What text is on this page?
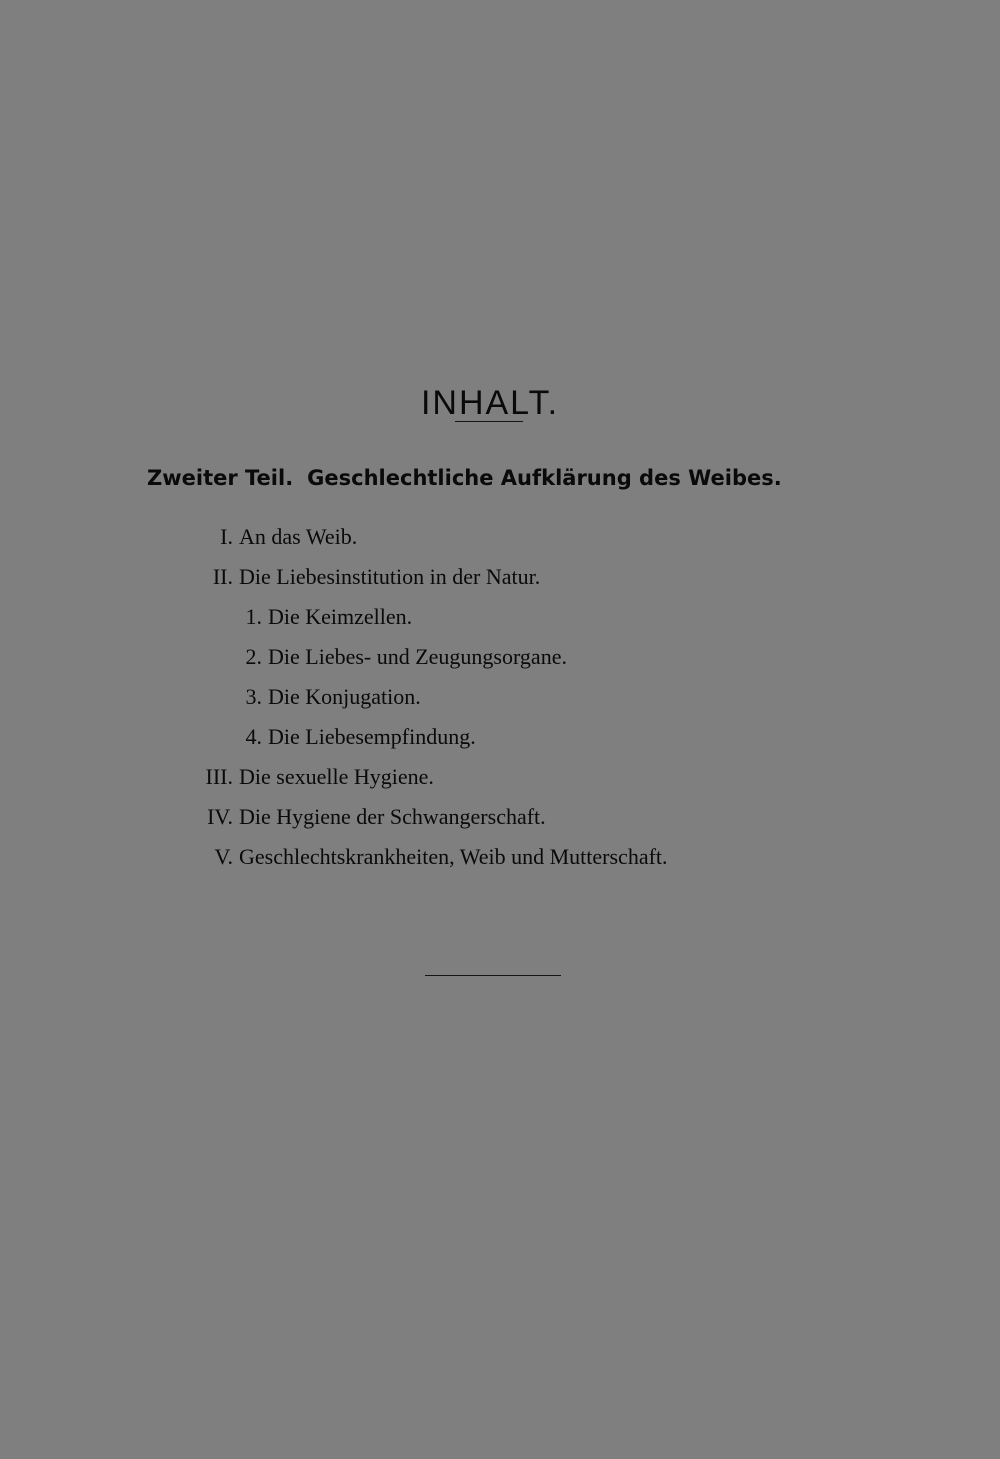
INHALT.
Zweiter Teil. Geschlechtliche Aufklärung des Weibes.
I. An das Weib.
II. Die Liebesinstitution in der Natur.
1. Die Keimzellen.
2. Die Liebes- und Zeugungsorgane.
3. Die Konjugation.
4. Die Liebesempfindung.
III. Die sexuelle Hygiene.
IV. Die Hygiene der Schwangerschaft.
V. Geschlechtskrankheiten, Weib und Mutterschaft.
